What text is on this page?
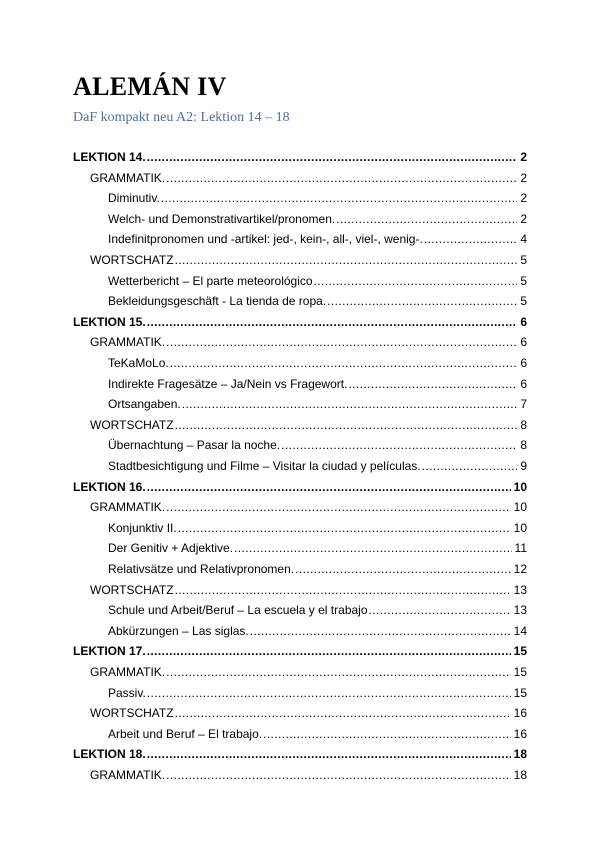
ALEMÁN IV

DaF kompakt neu A2: Lektion 14 – 18

LEKTION 14. .....	2
GRAMMATIK. .....	2
Diminutiv. .....	2
Welch- und Demonstrativartikel/pronomen. .....	2
Indefinitpronomen und -artikel: jed-, kein-, all-, viel-, wenig-. .....	4
WORTSCHATZ .....	5
Wetterbericht – El parte meteorológico .....	5
Bekleidungsgeschäft - La tienda de ropa. .....	5
LEKTION 15. .....	6
GRAMMATIK. .....	6
TeKaMoLo. .....	6
Indirekte Fragesätze – Ja/Nein vs Fragewort. .....	6
Ortsangaben. .....	7
WORTSCHATZ .....	8
Übernachtung – Pasar la noche. .....	8
Stadtbesichtigung und Filme – Visitar la ciudad y películas. .....	9
LEKTION 16. .....	10
GRAMMATIK. .....	10
Konjunktiv II. .....	10
Der Genitiv + Adjektive. .....	11
Relativsätze und Relativpronomen. .....	12
WORTSCHATZ .....	13
Schule und Arbeit/Beruf – La escuela y el trabajo .....	13
Abkürzungen – Las siglas. .....	14
LEKTION 17. .....	15
GRAMMATIK. .....	15
Passiv. .....	15
WORTSCHATZ .....	16
Arbeit und Beruf – El trabajo. .....	16
LEKTION 18. .....	18
GRAMMATIK. .....	18
